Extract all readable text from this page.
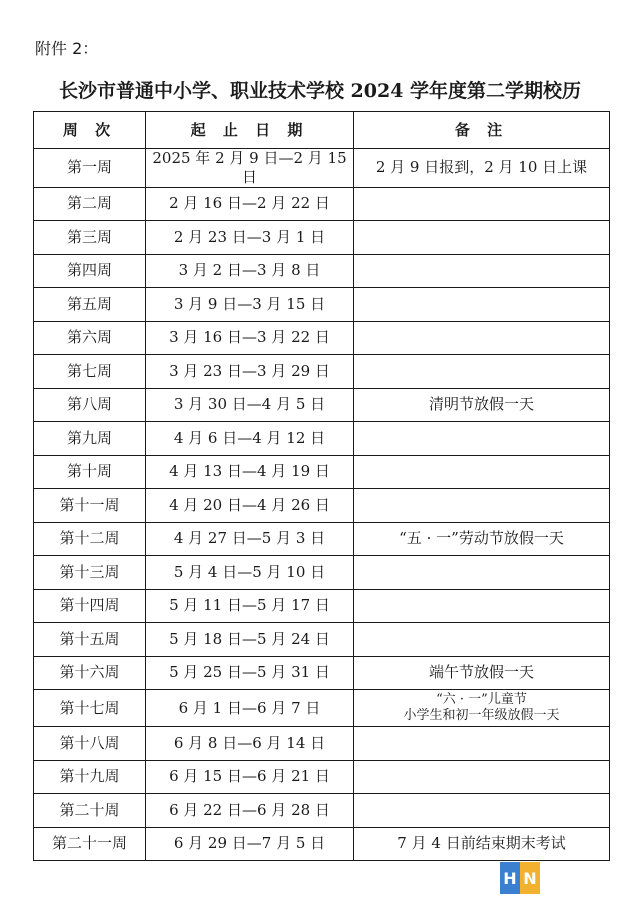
附件 2：
长沙市普通中小学、职业技术学校 2024 学年度第二学期校历
周 次	起 止 日 期	备 注
第一周	2025 年 2 月 9 日—2 月 15 日	2 月 9 日报到，2 月 10 日上课
第二周	2 月 16 日—2 月 22 日	
第三周	2 月 23 日—3 月 1 日	
第四周	3 月 2 日—3 月 8 日	
第五周	3 月 9 日—3 月 15 日	
第六周	3 月 16 日—3 月 22 日	
第七周	3 月 23 日—3 月 29 日	
第八周	3 月 30 日—4 月 5 日	清明节放假一天
第九周	4 月 6 日—4 月 12 日	
第十周	4 月 13 日—4 月 19 日	
第十一周	4 月 20 日—4 月 26 日	
第十二周	4 月 27 日—5 月 3 日	“五 · 一”劳动节放假一天
第十三周	5 月 4 日—5 月 10 日	
第十四周	5 月 11 日—5 月 17 日	
第十五周	5 月 18 日—5 月 24 日	
第十六周	5 月 25 日—5 月 31 日	端午节放假一天
第十七周	6 月 1 日—6 月 7 日	“六 · 一”儿童节
小学生和初一年级放假一天

第十八周	6 月 8 日—6 月 14 日	
第十九周	6 月 15 日—6 月 21 日	
第二十周	6 月 22 日—6 月 28 日	
第二十一周	6 月 29 日—7 月 5 日	7 月 4 日前结束期末考试
H N
